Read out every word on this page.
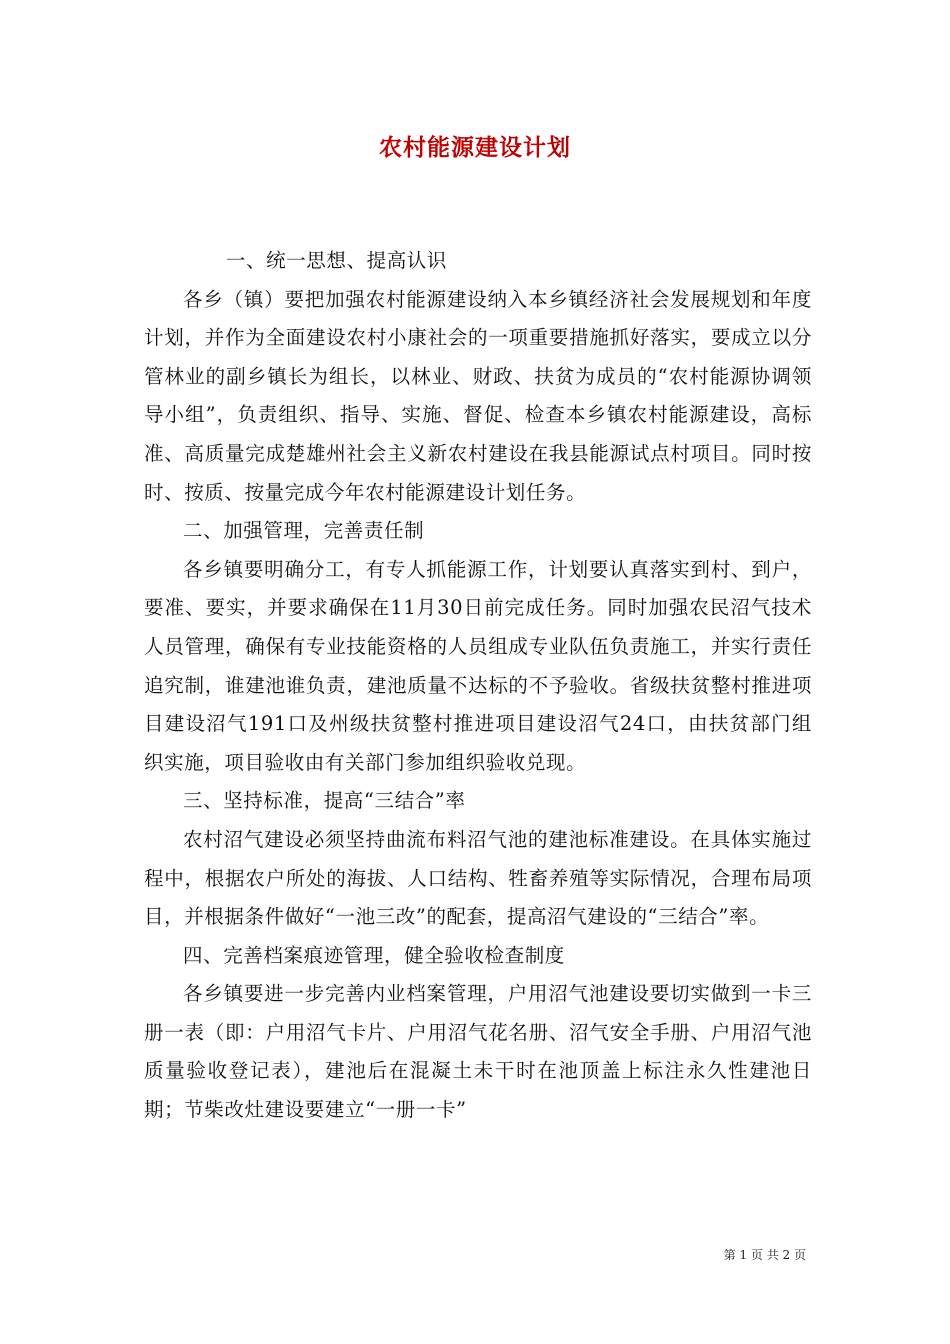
农村能源建设计划

一、统一思想、提高认识

各乡（镇）要把加强农村能源建设纳入本乡镇经济社会发展规划和年度计划，并作为全面建设农村小康社会的一项重要措施抓好落实，要成立以分管林业的副乡镇长为组长，以林业、财政、扶贫为成员的“农村能源协调领导小组”，负责组织、指导、实施、督促、检查本乡镇农村能源建设，高标准、高质量完成楚雄州社会主义新农村建设在我县能源试点村项目。同时按时、按质、按量完成今年农村能源建设计划任务。

二、加强管理，完善责任制

各乡镇要明确分工，有专人抓能源工作，计划要认真落实到村、到户，要准、要实，并要求确保在11月30日前完成任务。同时加强农民沼气技术人员管理，确保有专业技能资格的人员组成专业队伍负责施工，并实行责任追究制，谁建池谁负责，建池质量不达标的不予验收。省级扶贫整村推进项目建设沼气191口及州级扶贫整村推进项目建设沼气24口，由扶贫部门组织实施，项目验收由有关部门参加组织验收兑现。

三、坚持标准，提高“三结合”率

农村沼气建设必须坚持曲流布料沼气池的建池标准建设。在具体实施过程中，根据农户所处的海拔、人口结构、牲畜养殖等实际情况，合理布局项目，并根据条件做好“一池三改”的配套，提高沼气建设的“三结合”率。

四、完善档案痕迹管理，健全验收检查制度

各乡镇要进一步完善内业档案管理，户用沼气池建设要切实做到一卡三册一表（即：户用沼气卡片、户用沼气花名册、沼气安全手册、户用沼气池质量验收登记表），建池后在混凝土未干时在池顶盖上标注永久性建池日期；节柴改灶建设要建立“一册一卡”

第 1 页 共 2 页
